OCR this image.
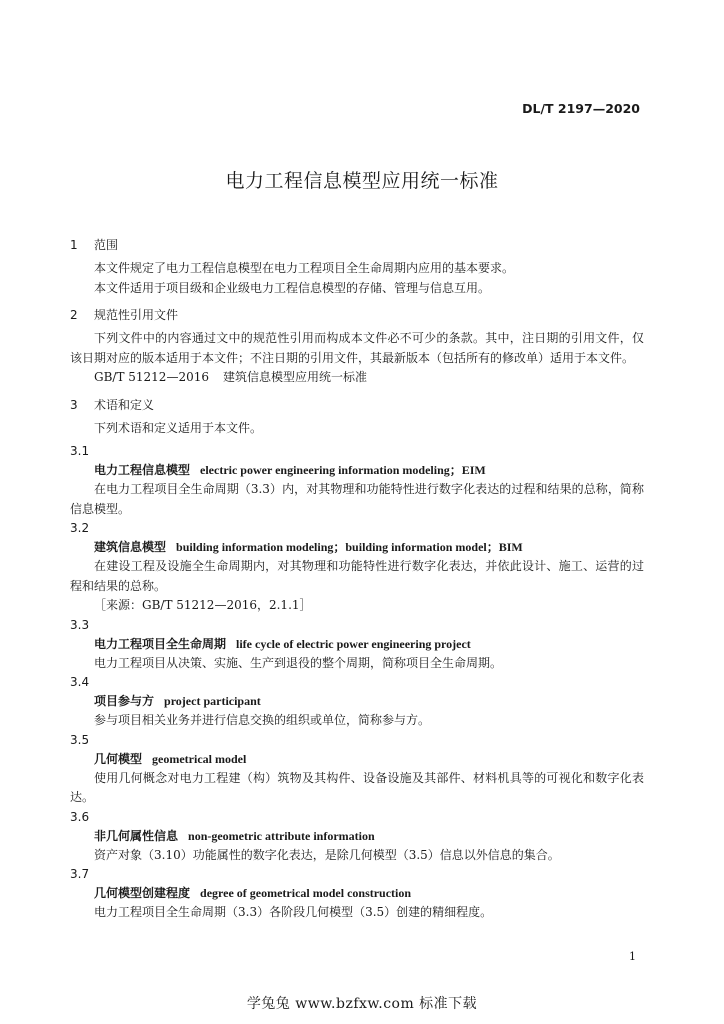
DL/T 2197—2020
电力工程信息模型应用统一标准
1 范围
本文件规定了电力工程信息模型在电力工程项目全生命周期内应用的基本要求。
本文件适用于项目级和企业级电力工程信息模型的存储、管理与信息互用。
2 规范性引用文件
下列文件中的内容通过文中的规范性引用而构成本文件必不可少的条款。其中，注日期的引用文件，仅该日期对应的版本适用于本文件；不注日期的引用文件，其最新版本（包括所有的修改单）适用于本文件。
GB/T 51212—2016 建筑信息模型应用统一标准
3 术语和定义
下列术语和定义适用于本文件。
3.1
电力工程信息模型 electric power engineering information modeling；EIM
在电力工程项目全生命周期（3.3）内，对其物理和功能特性进行数字化表达的过程和结果的总称，简称信息模型。
3.2
建筑信息模型 building information modeling；building information model；BIM
在建设工程及设施全生命周期内，对其物理和功能特性进行数字化表达，并依此设计、施工、运营的过程和结果的总称。
［来源：GB/T 51212—2016，2.1.1］
3.3
电力工程项目全生命周期 life cycle of electric power engineering project
电力工程项目从决策、实施、生产到退役的整个周期，简称项目全生命周期。
3.4
项目参与方 project participant
参与项目相关业务并进行信息交换的组织或单位，简称参与方。
3.5
几何模型 geometrical model
使用几何概念对电力工程建（构）筑物及其构件、设备设施及其部件、材料机具等的可视化和数字化表达。
3.6
非几何属性信息 non-geometric attribute information
资产对象（3.10）功能属性的数字化表达，是除几何模型（3.5）信息以外信息的集合。
3.7
几何模型创建程度 degree of geometrical model construction
电力工程项目全生命周期（3.3）各阶段几何模型（3.5）创建的精细程度。
1
学兔兔 www.bzfxw.com 标准下载
